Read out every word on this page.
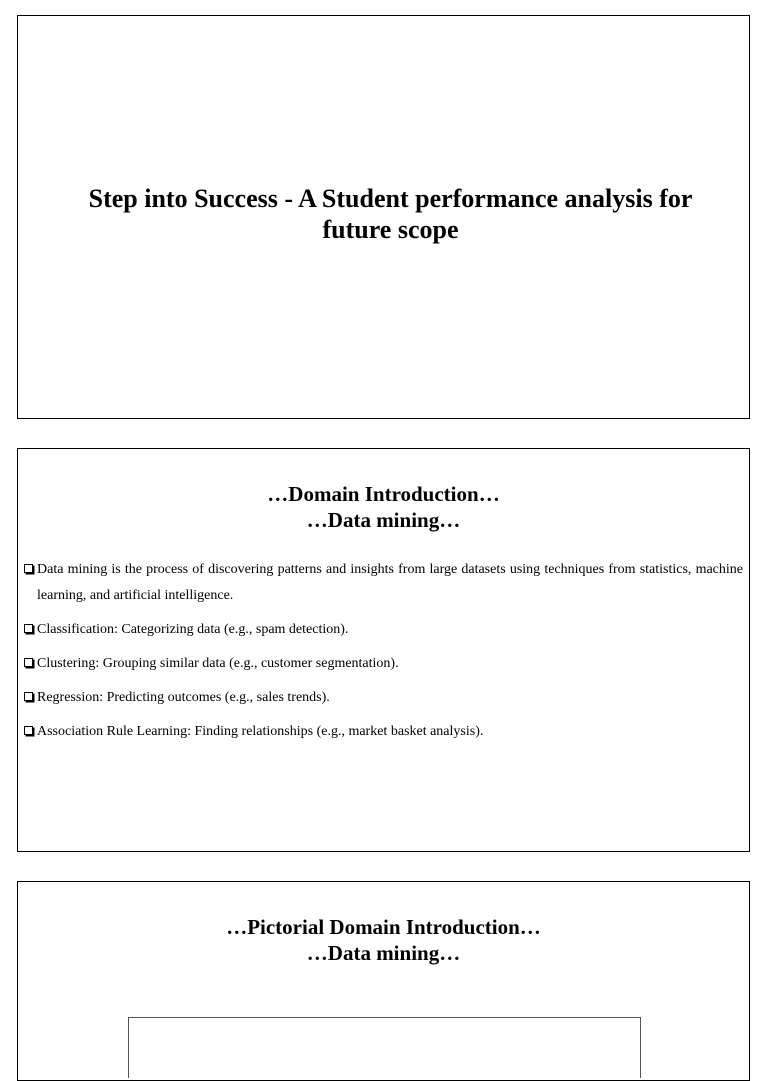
Step into Success - A Student performance analysis for
future scope
…Domain Introduction…
…Data mining…
Data mining is the process of discovering patterns and insights from large datasets using techniques from statistics, machine learning, and artificial intelligence.
Classification: Categorizing data (e.g., spam detection).
Clustering: Grouping similar data (e.g., customer segmentation).
Regression: Predicting outcomes (e.g., sales trends).
Association Rule Learning: Finding relationships (e.g., market basket analysis).
…Pictorial Domain Introduction…
…Data mining…
